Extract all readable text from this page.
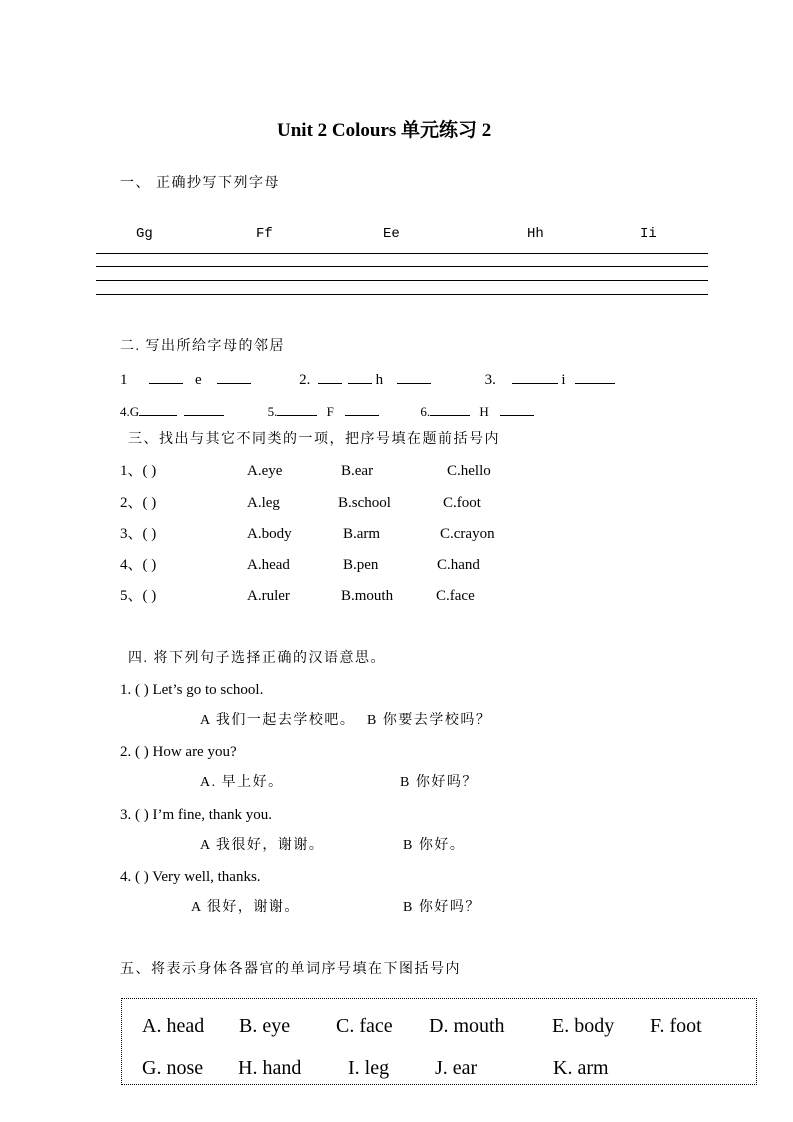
Unit 2 Colours 单元练习 2
一、 正确抄写下列字母
Gg	Ff	Ee	Hh	Ii
二. 写出所给字母的邻居
1	e	2.	h	3.	i
4.G	5.	F	6.	H
三、找出与其它不同类的一项，把序号填在题前括号内
四. 将下列句子选择正确的汉语意思。
五、将表示身体各器官的单词序号填在下图括号内
1、( )	A.eye	B.ear	C.hello
2、( )	A.leg	B.school	C.foot
3、( )	A.body	B.arm	C.crayon
4、( )	A.head	B.pen	C.hand
5、( )	A.ruler	B.mouth	C.face
1. ( ) Let’s go to school.
A 我们一起去学校吧。 B 你要去学校吗？
2. ( ) How are you?
A. 早上好。	B 你好吗？
3. ( ) I’m fine, thank you.
A 我很好，谢谢。	B 你好。
4. ( ) Very well, thanks.
A 很好，谢谢。	B 你好吗？
A. head B. eye C. face D. mouth E. body F. foot
G. nose H. hand I. leg J. ear	K. arm
